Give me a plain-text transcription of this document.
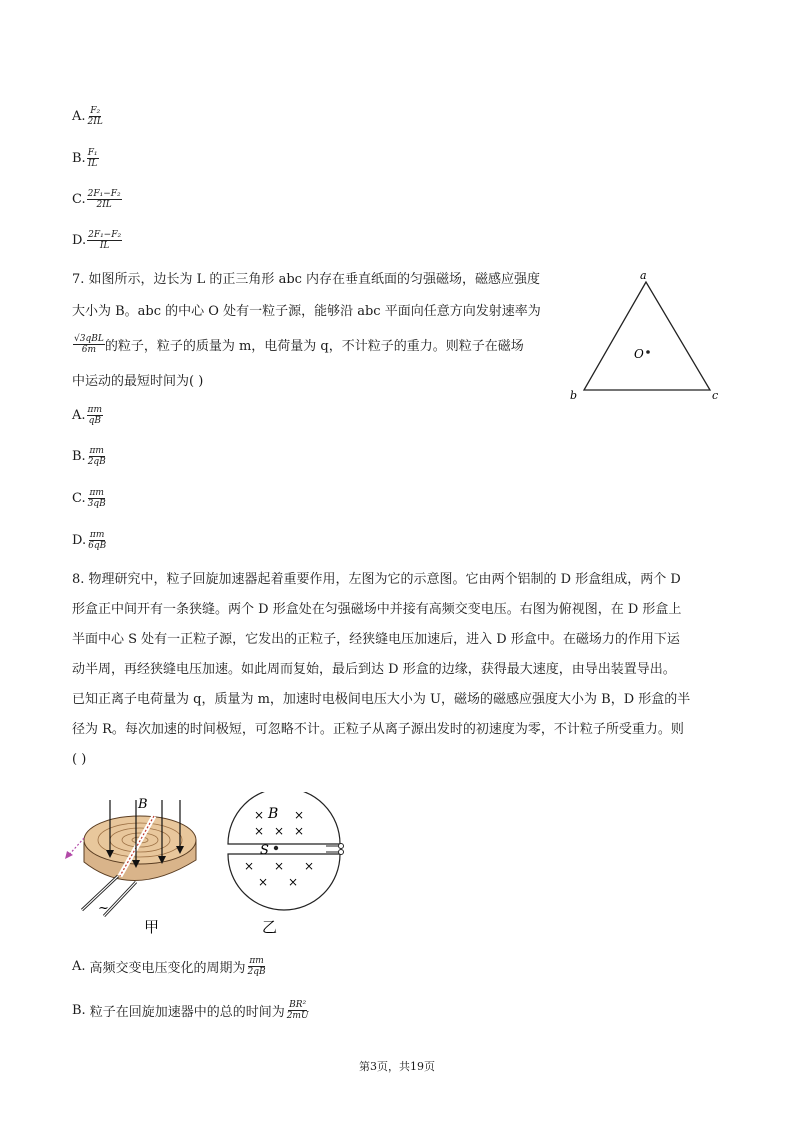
A. $\frac{\text{F₂}}{2IL}$
B. $\frac{\text{F₁}}{IL}$
C. $\frac{\text{2F₁−F₂}}{2IL}$
D. $\frac{\text{2F₁−F₂}}{IL}$
7. 如图所示，边长为 L 的正三角形 abc 内存在垂直纸面的匀强磁场，磁感应强度
大小为 B。abc 的中心 O 处有一粒子源，能够沿 abc 平面向任意方向发射速率为
$\frac{\text{√3qBL}}{6m}$ 的粒子，粒子的质量为 m，电荷量为 q，不计粒子的重力。则粒子在磁场
中运动的最短时间为( )
a
b	c
O
A. $\frac{\pi m}{qB}$
B. $\frac{\pi m}{2qB}$
C. $\frac{\pi m}{3qB}$
D. $\frac{\pi m}{6qB}$
8. 物理研究中，粒子回旋加速器起着重要作用，左图为它的示意图。它由两个铝制的 D 形盒组成，两个 D
形盒正中间开有一条狭缝。两个 D 形盒处在匀强磁场中并接有高频交变电压。右图为俯视图，在 D 形盒上
半面中心 S 处有一正粒子源，它发出的正粒子，经狭缝电压加速后，进入 D 形盒中。在磁场力的作用下运
动半周，再经狭缝电压加速。如此周而复始，最后到达 D 形盒的边缘，获得最大速度，由导出装置导出。
已知正离子电荷量为 q，质量为 m，加速时电极间电压大小为 U，磁场的磁感应强度大小为 B，D 形盒的半
径为 R。每次加速的时间极短，可忽略不计。正粒子从离子源出发时的初速度为零，不计粒子所受重力。则
( )
B
~
甲
×
×
× ×
×
B
× × ×
× ×
S
乙
A. 高频交变电压变化的周期为 $\frac{\pi m}{2qB}$
B. 粒子在回旋加速器中的总的时间为 $\frac{\text{BR²}}{2mU}$
第3页，共19页
